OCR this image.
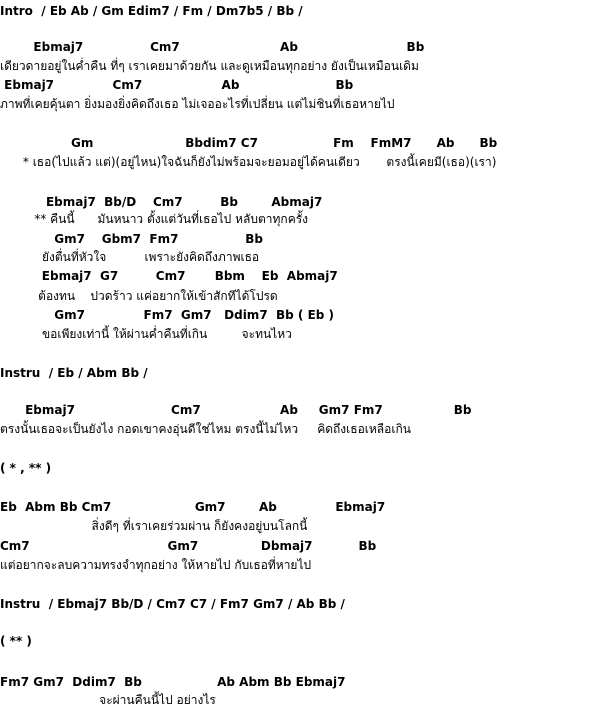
Intro  / Eb Ab / Gm Edim7 / Fm / Dm7b5 / Bb /
Ebmaj7                Cm7                        Ab                          Bb
เดียวดายอยู่ในค่ำคืน ที่ๆ เราเคยมาด้วยกัน และดูเหมือนทุกอย่าง ยังเป็นเหมือนเดิม
Ebmaj7              Cm7                   Ab                       Bb
ภาพที่เคยคุ้นตา ยิ่งมองยิ่งคิดถึงเธอ ไม่เจออะไรที่เปลี่ยน แต่ไม่ชินที่เธอหายไป
Gm                      Bbdim7 C7                  Fm    FmM7      Ab      Bb
* เธอ(ไปแล้ว แต่)(อยู่ไหน)ใจฉันก็ยังไม่พร้อมจะยอมอยู่ได้คนเดียว       ตรงนี้เคยมี(เธอ)(เรา)
Ebmaj7  Bb/D    Cm7         Bb        Abmaj7
** คืนนี้      มันหนาว ตั้งแต่วันที่เธอไป หลับตาทุกครั้ง
Gm7    Gbm7  Fm7                Bb
ยังตื่นที่หัวใจ          เพราะยังคิดถึงภาพเธอ
Ebmaj7  G7         Cm7       Bbm    Eb  Abmaj7
ต้องทน    ปวดร้าว แค่อยากให้เข้าสักทีได้โปรด
Gm7              Fm7  Gm7   Ddim7  Bb ( Eb )
ขอเพียงเท่านี้ ให้ผ่านค่ำคืนที่เกิน         จะทนไหว
Instru  / Eb / Abm Bb /
Ebmaj7                       Cm7                   Ab     Gm7 Fm7                 Bb
ตรงนั้นเธอจะเป็นยังไง กอดเขาคงอุ่นดีใช่ไหม ตรงนี้ไม่ไหว     คิดถึงเธอเหลือเกิน
( * , ** )
Eb  Abm Bb Cm7                    Gm7        Ab              Ebmaj7
สิ่งดีๆ ที่เราเคยร่วมผ่าน ก็ยังคงอยู่บนโลกนี้
Cm7                                 Gm7               Dbmaj7           Bb
แต่อยากจะลบความทรงจำทุกอย่าง ให้หายไป กับเธอที่หายไป
Instru  / Ebmaj7 Bb/D / Cm7 C7 / Fm7 Gm7 / Ab Bb /
( ** )
Fm7 Gm7  Ddim7  Bb                  Ab Abm Bb Ebmaj7
จะผ่านคืนนี้ไป อย่างไร
